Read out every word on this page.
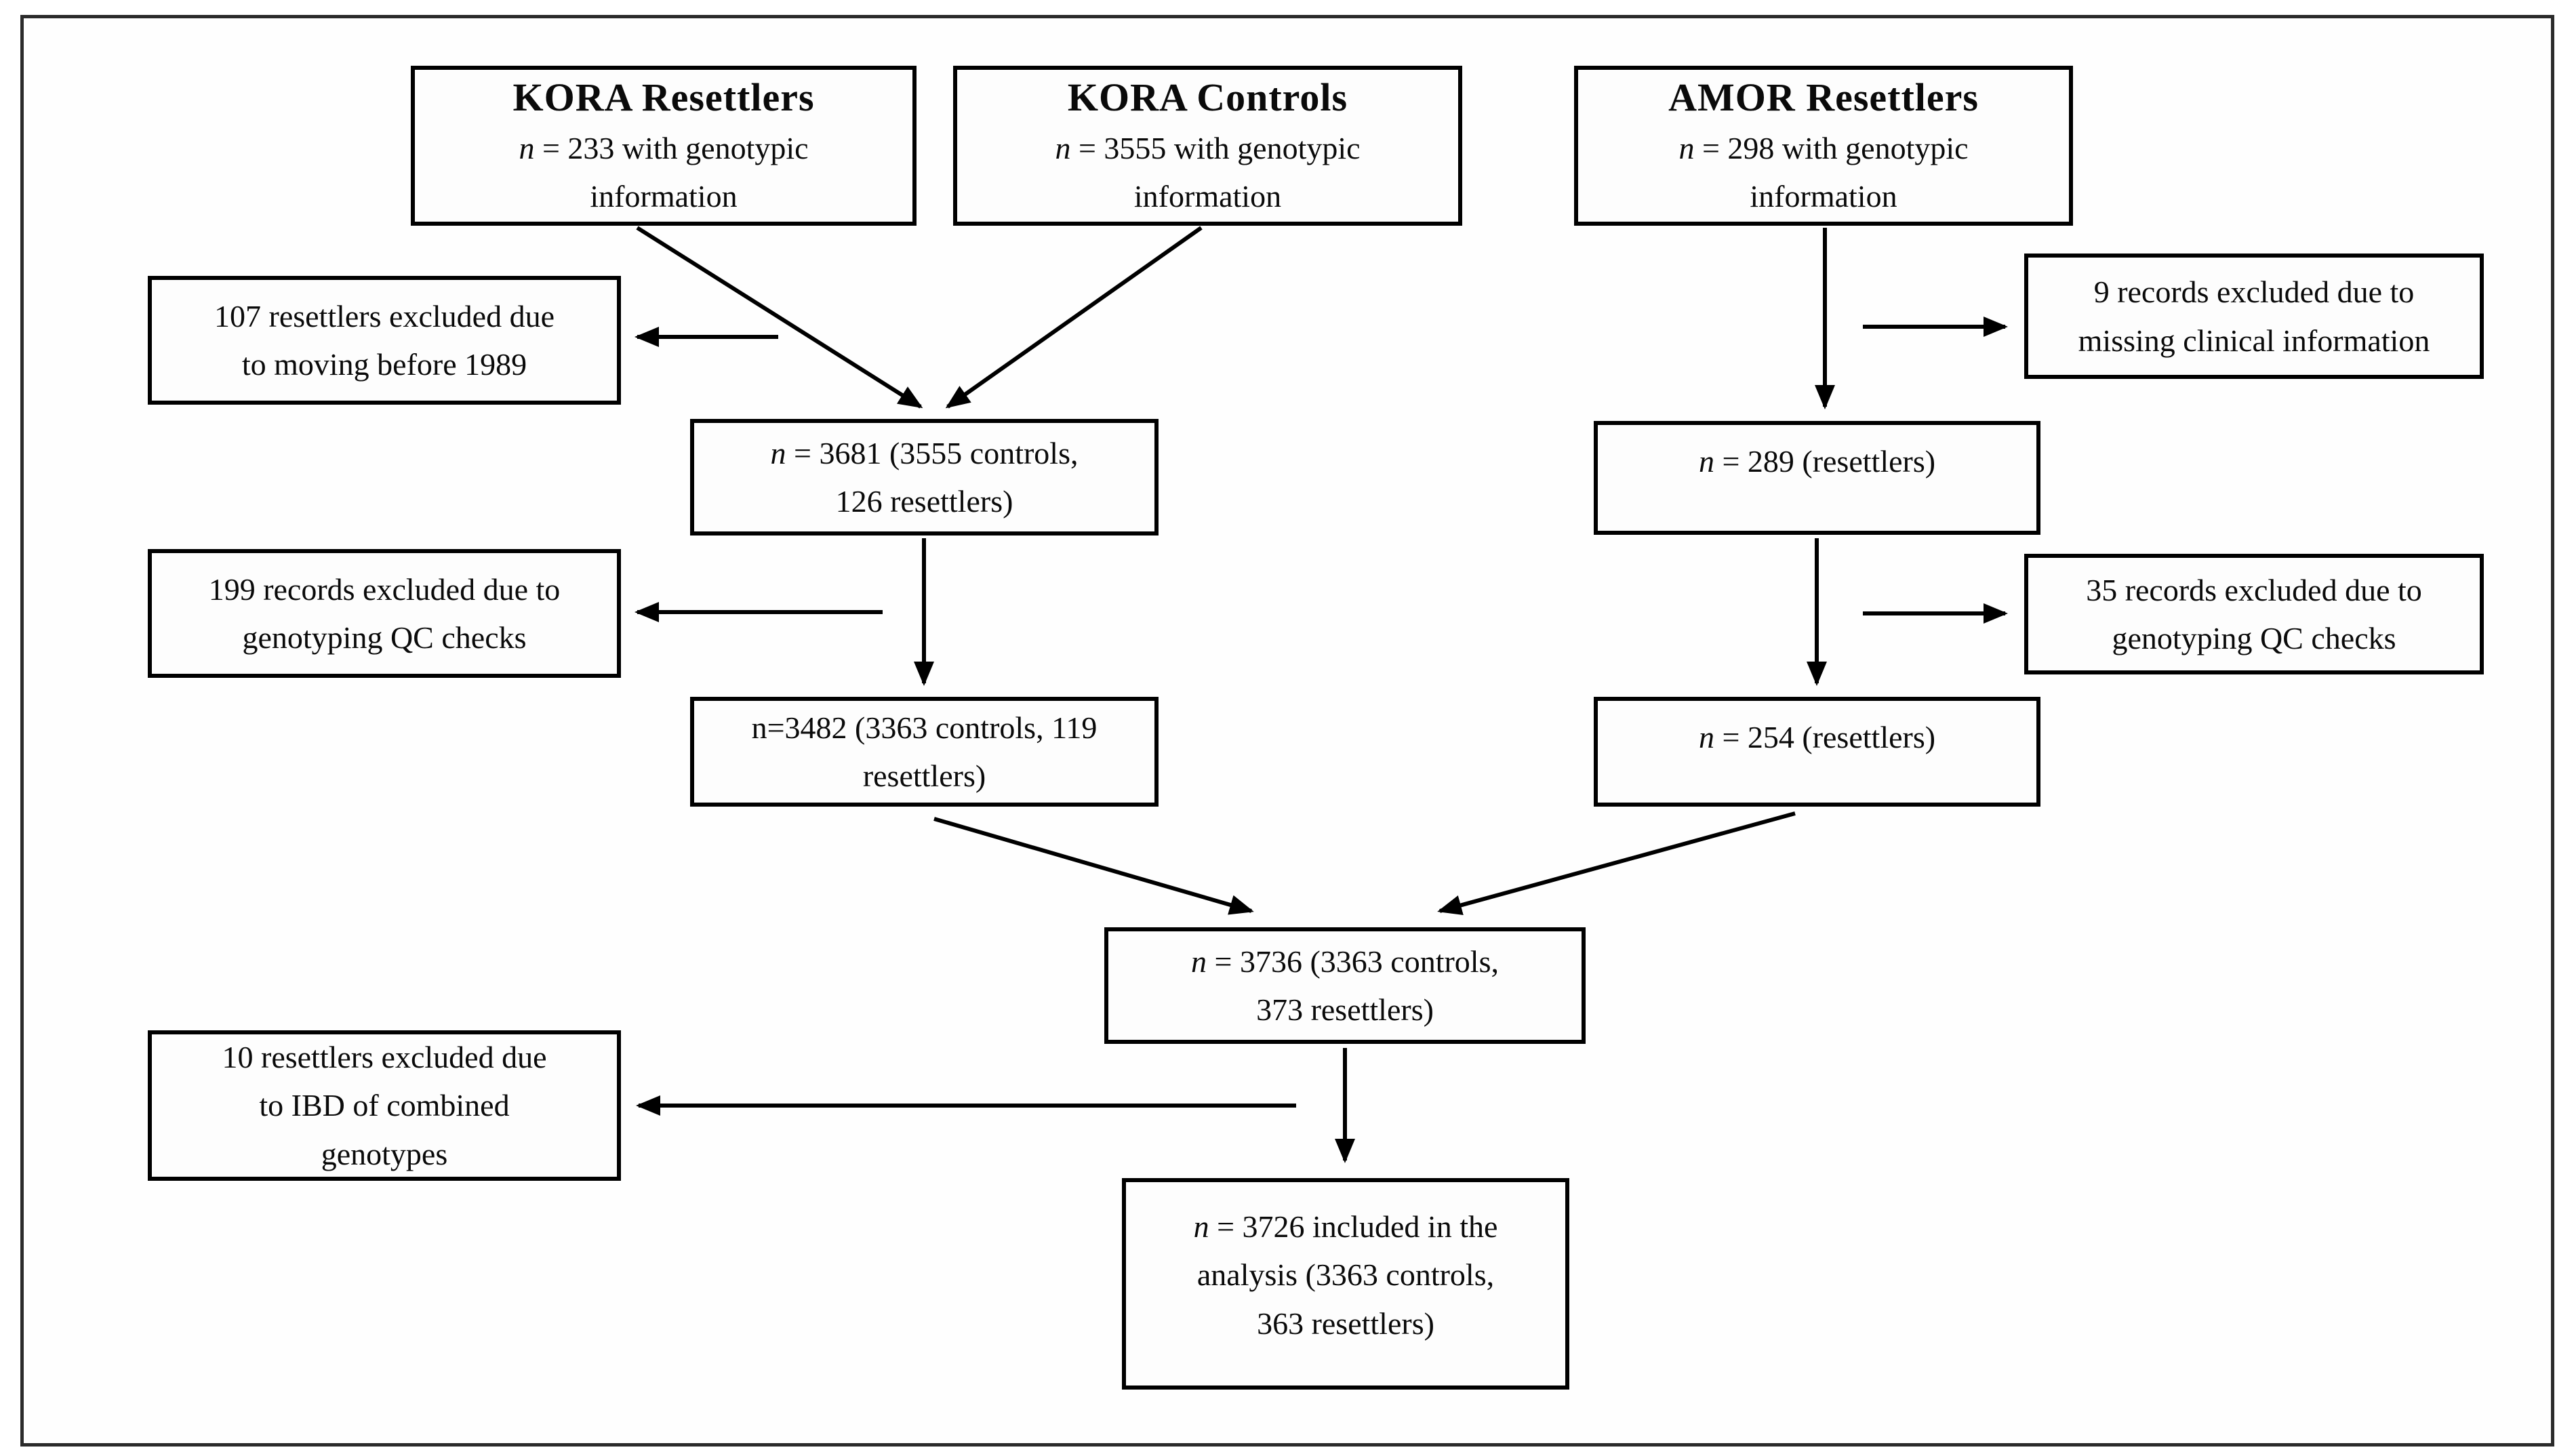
KORA Resettlers
n = 233 with genotypic
information
KORA Controls
n = 3555 with genotypic
information
AMOR Resettlers
n = 298 with genotypic
information
107 resettlers excluded due
to moving before 1989
9 records excluded due to
missing clinical information
n = 3681 (3555 controls,
126 resettlers)
n = 289 (resettlers)
199 records excluded due to
genotyping QC checks
35 records excluded due to
genotyping QC checks
n=3482 (3363 controls, 119
resettlers)
n = 254 (resettlers)
n = 3736 (3363 controls,
373 resettlers)
10 resettlers excluded due
to IBD of combined
genotypes
n = 3726 included in the
analysis (3363 controls,
363 resettlers)
